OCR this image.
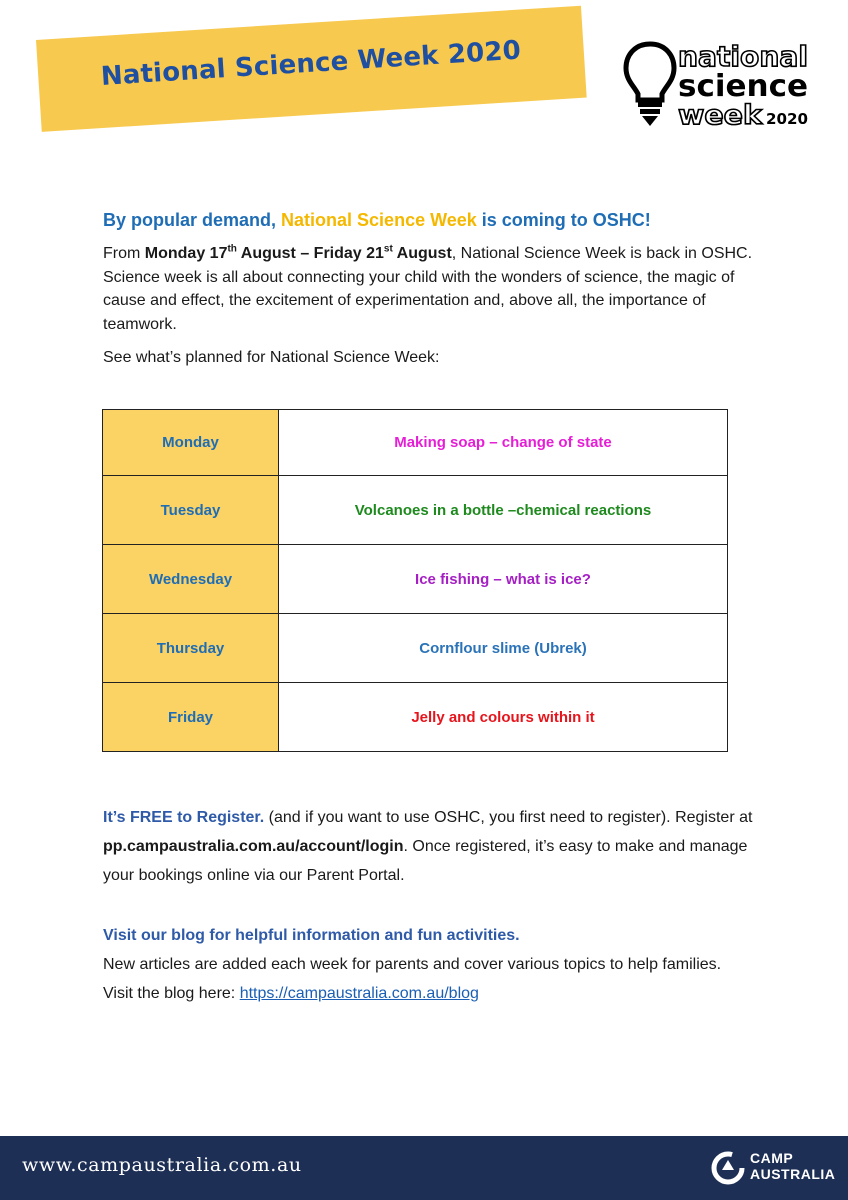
National Science Week 2020	national
science
week 2020
By popular demand, National Science Week is coming to OSHC!

From Monday 17th August – Friday 21st August, National Science Week is back in OSHC. Science week is all about connecting your child with the wonders of science, the magic of cause and effect, the excitement of experimentation and, above all, the importance of teamwork.

See what’s planned for National Science Week:

Monday	Making soap – change of state
Tuesday	Volcanoes in a bottle –chemical reactions
Wednesday	Ice fishing – what is ice?
Thursday	Cornflour slime (Ubrek)
Friday	Jelly and colours within it
It’s FREE to Register. (and if you want to use OSHC, you first need to register). Register at pp.campaustralia.com.au/account/login. Once registered, it’s easy to make and manage your bookings online via our Parent Portal.
Visit our blog for helpful information and fun activities.
New articles are added each week for parents and cover various topics to help families. Visit the blog here: https://campaustralia.com.au/blog
www.campaustralia.com.au	CAMP
AUSTRALIA
